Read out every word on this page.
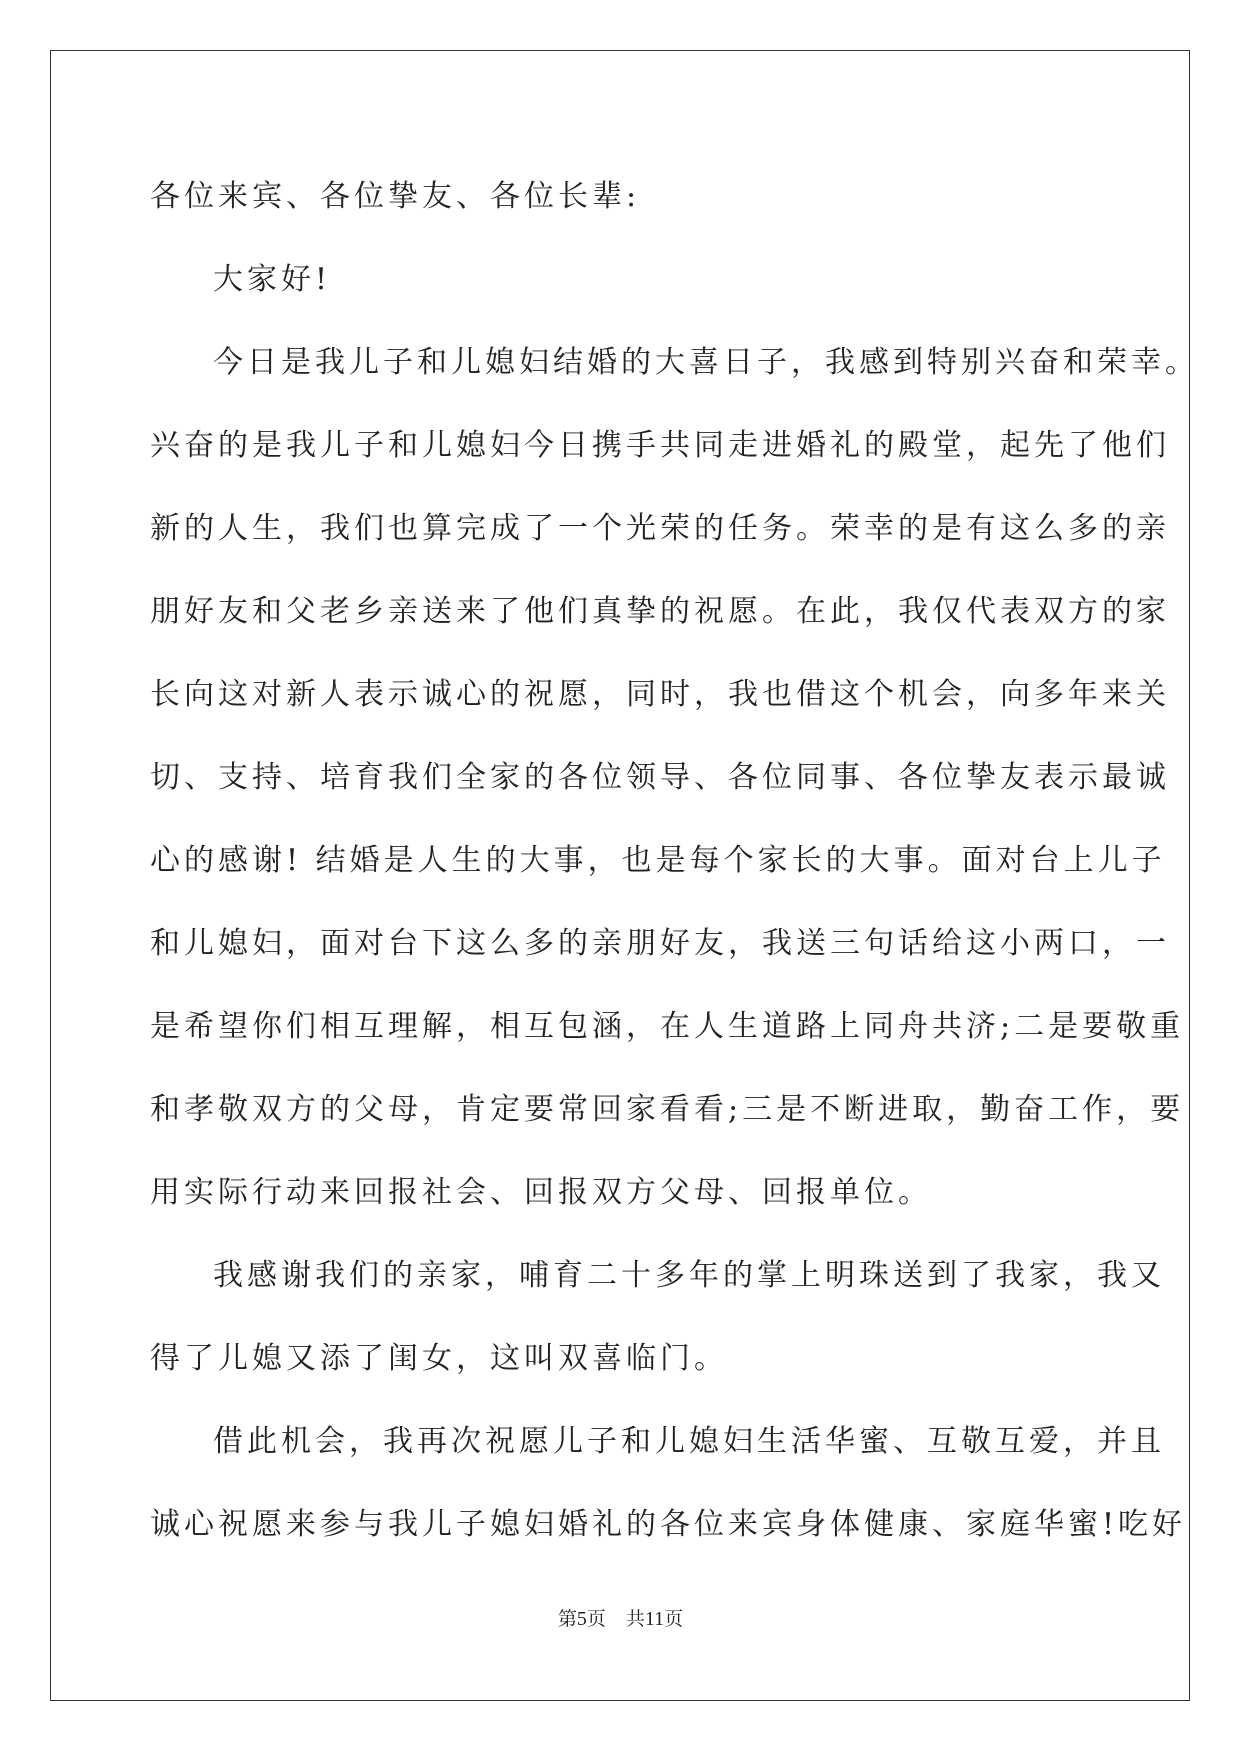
各位来宾、各位挚友、各位长辈:
大家好!
今日是我儿子和儿媳妇结婚的大喜日子，我感到特别兴奋和荣幸。
兴奋的是我儿子和儿媳妇今日携手共同走进婚礼的殿堂，起先了他们
新的人生，我们也算完成了一个光荣的任务。荣幸的是有这么多的亲
朋好友和父老乡亲送来了他们真挚的祝愿。在此，我仅代表双方的家
长向这对新人表示诚心的祝愿，同时，我也借这个机会，向多年来关
切、支持、培育我们全家的各位领导、各位同事、各位挚友表示最诚
心的感谢! 结婚是人生的大事，也是每个家长的大事。面对台上儿子
和儿媳妇，面对台下这么多的亲朋好友，我送三句话给这小两口，一
是希望你们相互理解，相互包涵，在人生道路上同舟共济;二是要敬重
和孝敬双方的父母，肯定要常回家看看;三是不断进取，勤奋工作，要
用实际行动来回报社会、回报双方父母、回报单位。
我感谢我们的亲家，哺育二十多年的掌上明珠送到了我家，我又
得了儿媳又添了闺女，这叫双喜临门。
借此机会，我再次祝愿儿子和儿媳妇生活华蜜、互敬互爱，并且
诚心祝愿来参与我儿子媳妇婚礼的各位来宾身体健康、家庭华蜜!吃好
第5页 共11页
